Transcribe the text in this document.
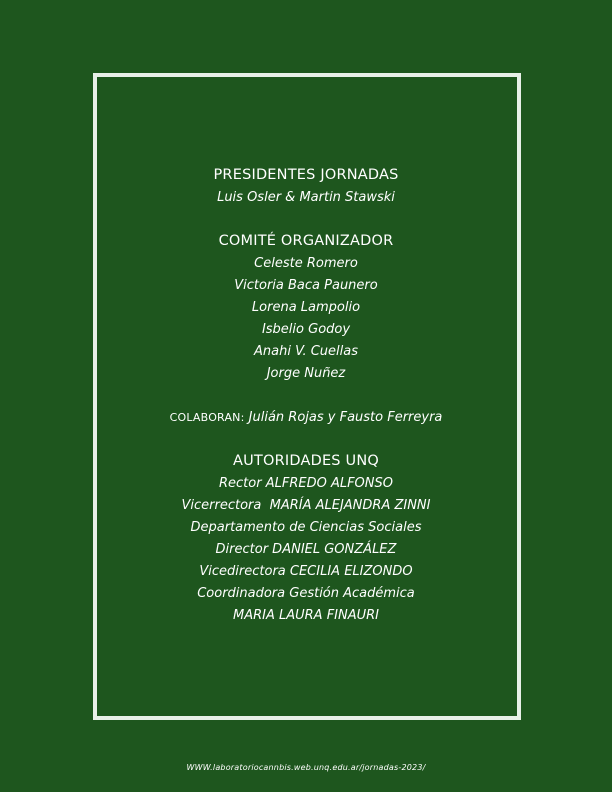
PRESIDENTES JORNADAS

Luis Osler & Martin Stawski

COMITÉ ORGANIZADOR

Celeste Romero

Victoria Baca Paunero

Lorena Lampolio

Isbelio Godoy

Anahi V. Cuellas

Jorge Nuñez

COLABORAN: Julián Rojas y Fausto Ferreyra

AUTORIDADES UNQ

Rector ALFREDO ALFONSO

Vicerrectora  MARÍA ALEJANDRA ZINNI

Departamento de Ciencias Sociales

Director DANIEL GONZÁLEZ

Vicedirectora CECILIA ELIZONDO

Coordinadora Gestión Académica

MARIA LAURA FINAURI

WWW.laboratoriocannbis.web.unq.edu.ar/jornadas-2023/
